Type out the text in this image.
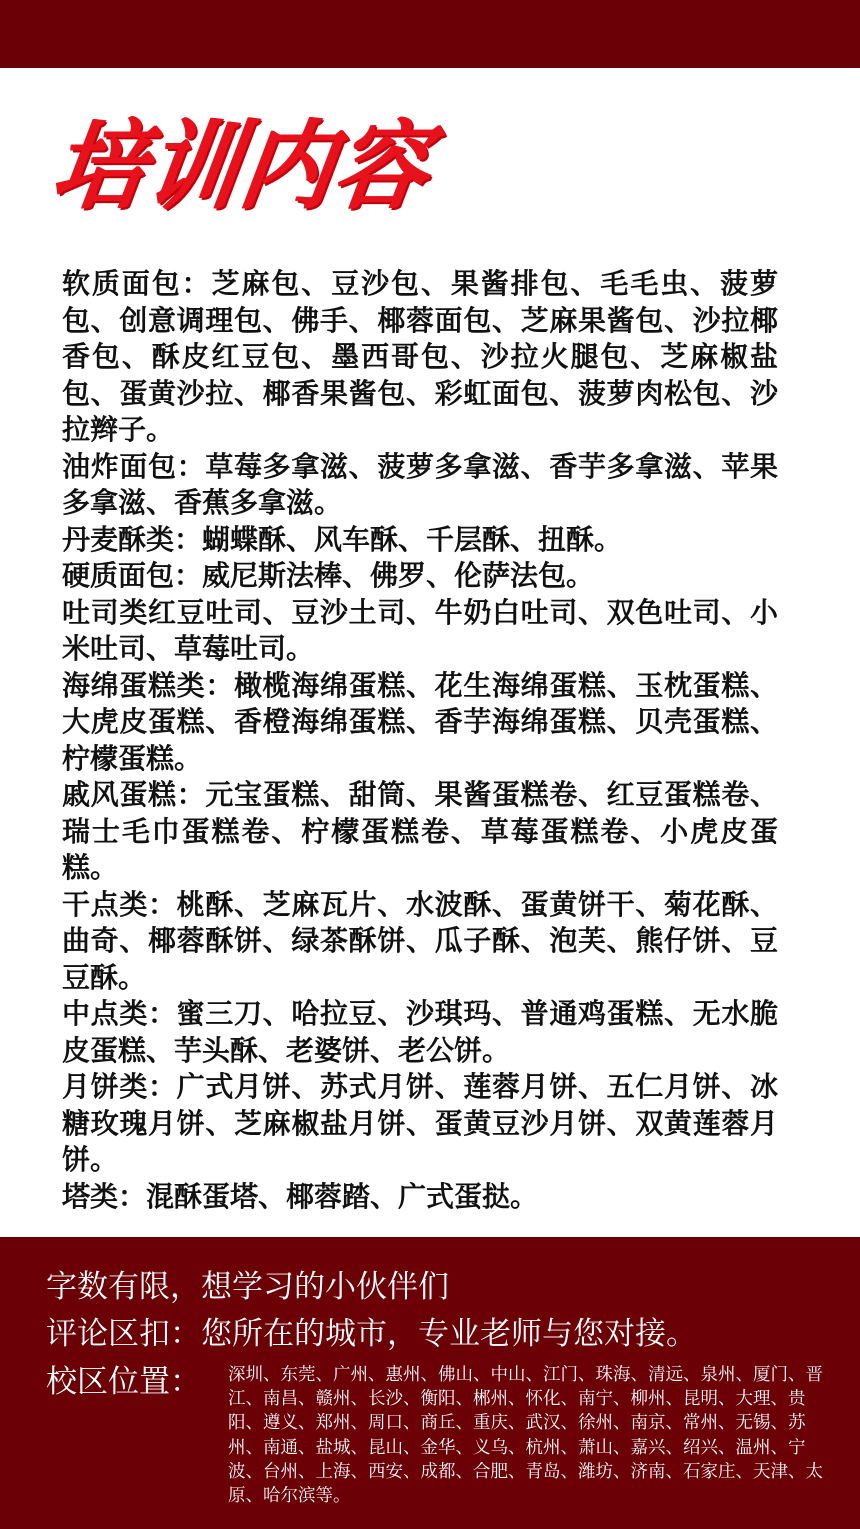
培训内容

软质面包：芝麻包、豆沙包、果酱排包、毛毛虫、菠萝包、创意调理包、佛手、椰蓉面包、芝麻果酱包、沙拉椰香包、酥皮红豆包、墨西哥包、沙拉火腿包、芝麻椒盐包、蛋黄沙拉、椰香果酱包、彩虹面包、菠萝肉松包、沙拉辫子。

油炸面包：草莓多拿滋、菠萝多拿滋、香芋多拿滋、苹果多拿滋、香蕉多拿滋。

丹麦酥类：蝴蝶酥、风车酥、千层酥、扭酥。

硬质面包：威尼斯法棒、佛罗、伦萨法包。

吐司类红豆吐司、豆沙土司、牛奶白吐司、双色吐司、小米吐司、草莓吐司。

海绵蛋糕类：橄榄海绵蛋糕、花生海绵蛋糕、玉枕蛋糕、大虎皮蛋糕、香橙海绵蛋糕、香芋海绵蛋糕、贝壳蛋糕、柠檬蛋糕。

戚风蛋糕：元宝蛋糕、甜筒、果酱蛋糕卷、红豆蛋糕卷、瑞士毛巾蛋糕卷、柠檬蛋糕卷、草莓蛋糕卷、小虎皮蛋糕。

干点类：桃酥、芝麻瓦片、水波酥、蛋黄饼干、菊花酥、曲奇、椰蓉酥饼、绿茶酥饼、瓜子酥、泡芙、熊仔饼、豆豆酥。

中点类：蜜三刀、哈拉豆、沙琪玛、普通鸡蛋糕、无水脆皮蛋糕、芋头酥、老婆饼、老公饼。

月饼类：广式月饼、苏式月饼、莲蓉月饼、五仁月饼、冰糖玫瑰月饼、芝麻椒盐月饼、蛋黄豆沙月饼、双黄莲蓉月饼。

塔类：混酥蛋塔、椰蓉踏、广式蛋挞。

字数有限，想学习的小伙伴们
评论区扣：您所在的城市，专业老师与您对接。
校区位置： 深圳、东莞、广州、惠州、佛山、中山、江门、珠海、清远、泉州、厦门、晋江、南昌、赣州、长沙、衡阳、郴州、怀化、南宁、柳州、昆明、大理、贵阳、遵义、郑州、周口、商丘、重庆、武汉、徐州、南京、常州、无锡、苏州、南通、盐城、昆山、金华、义乌、杭州、萧山、嘉兴、绍兴、温州、宁波、台州、上海、西安、成都、合肥、青岛、潍坊、济南、石家庄、天津、太原、哈尔滨等。
